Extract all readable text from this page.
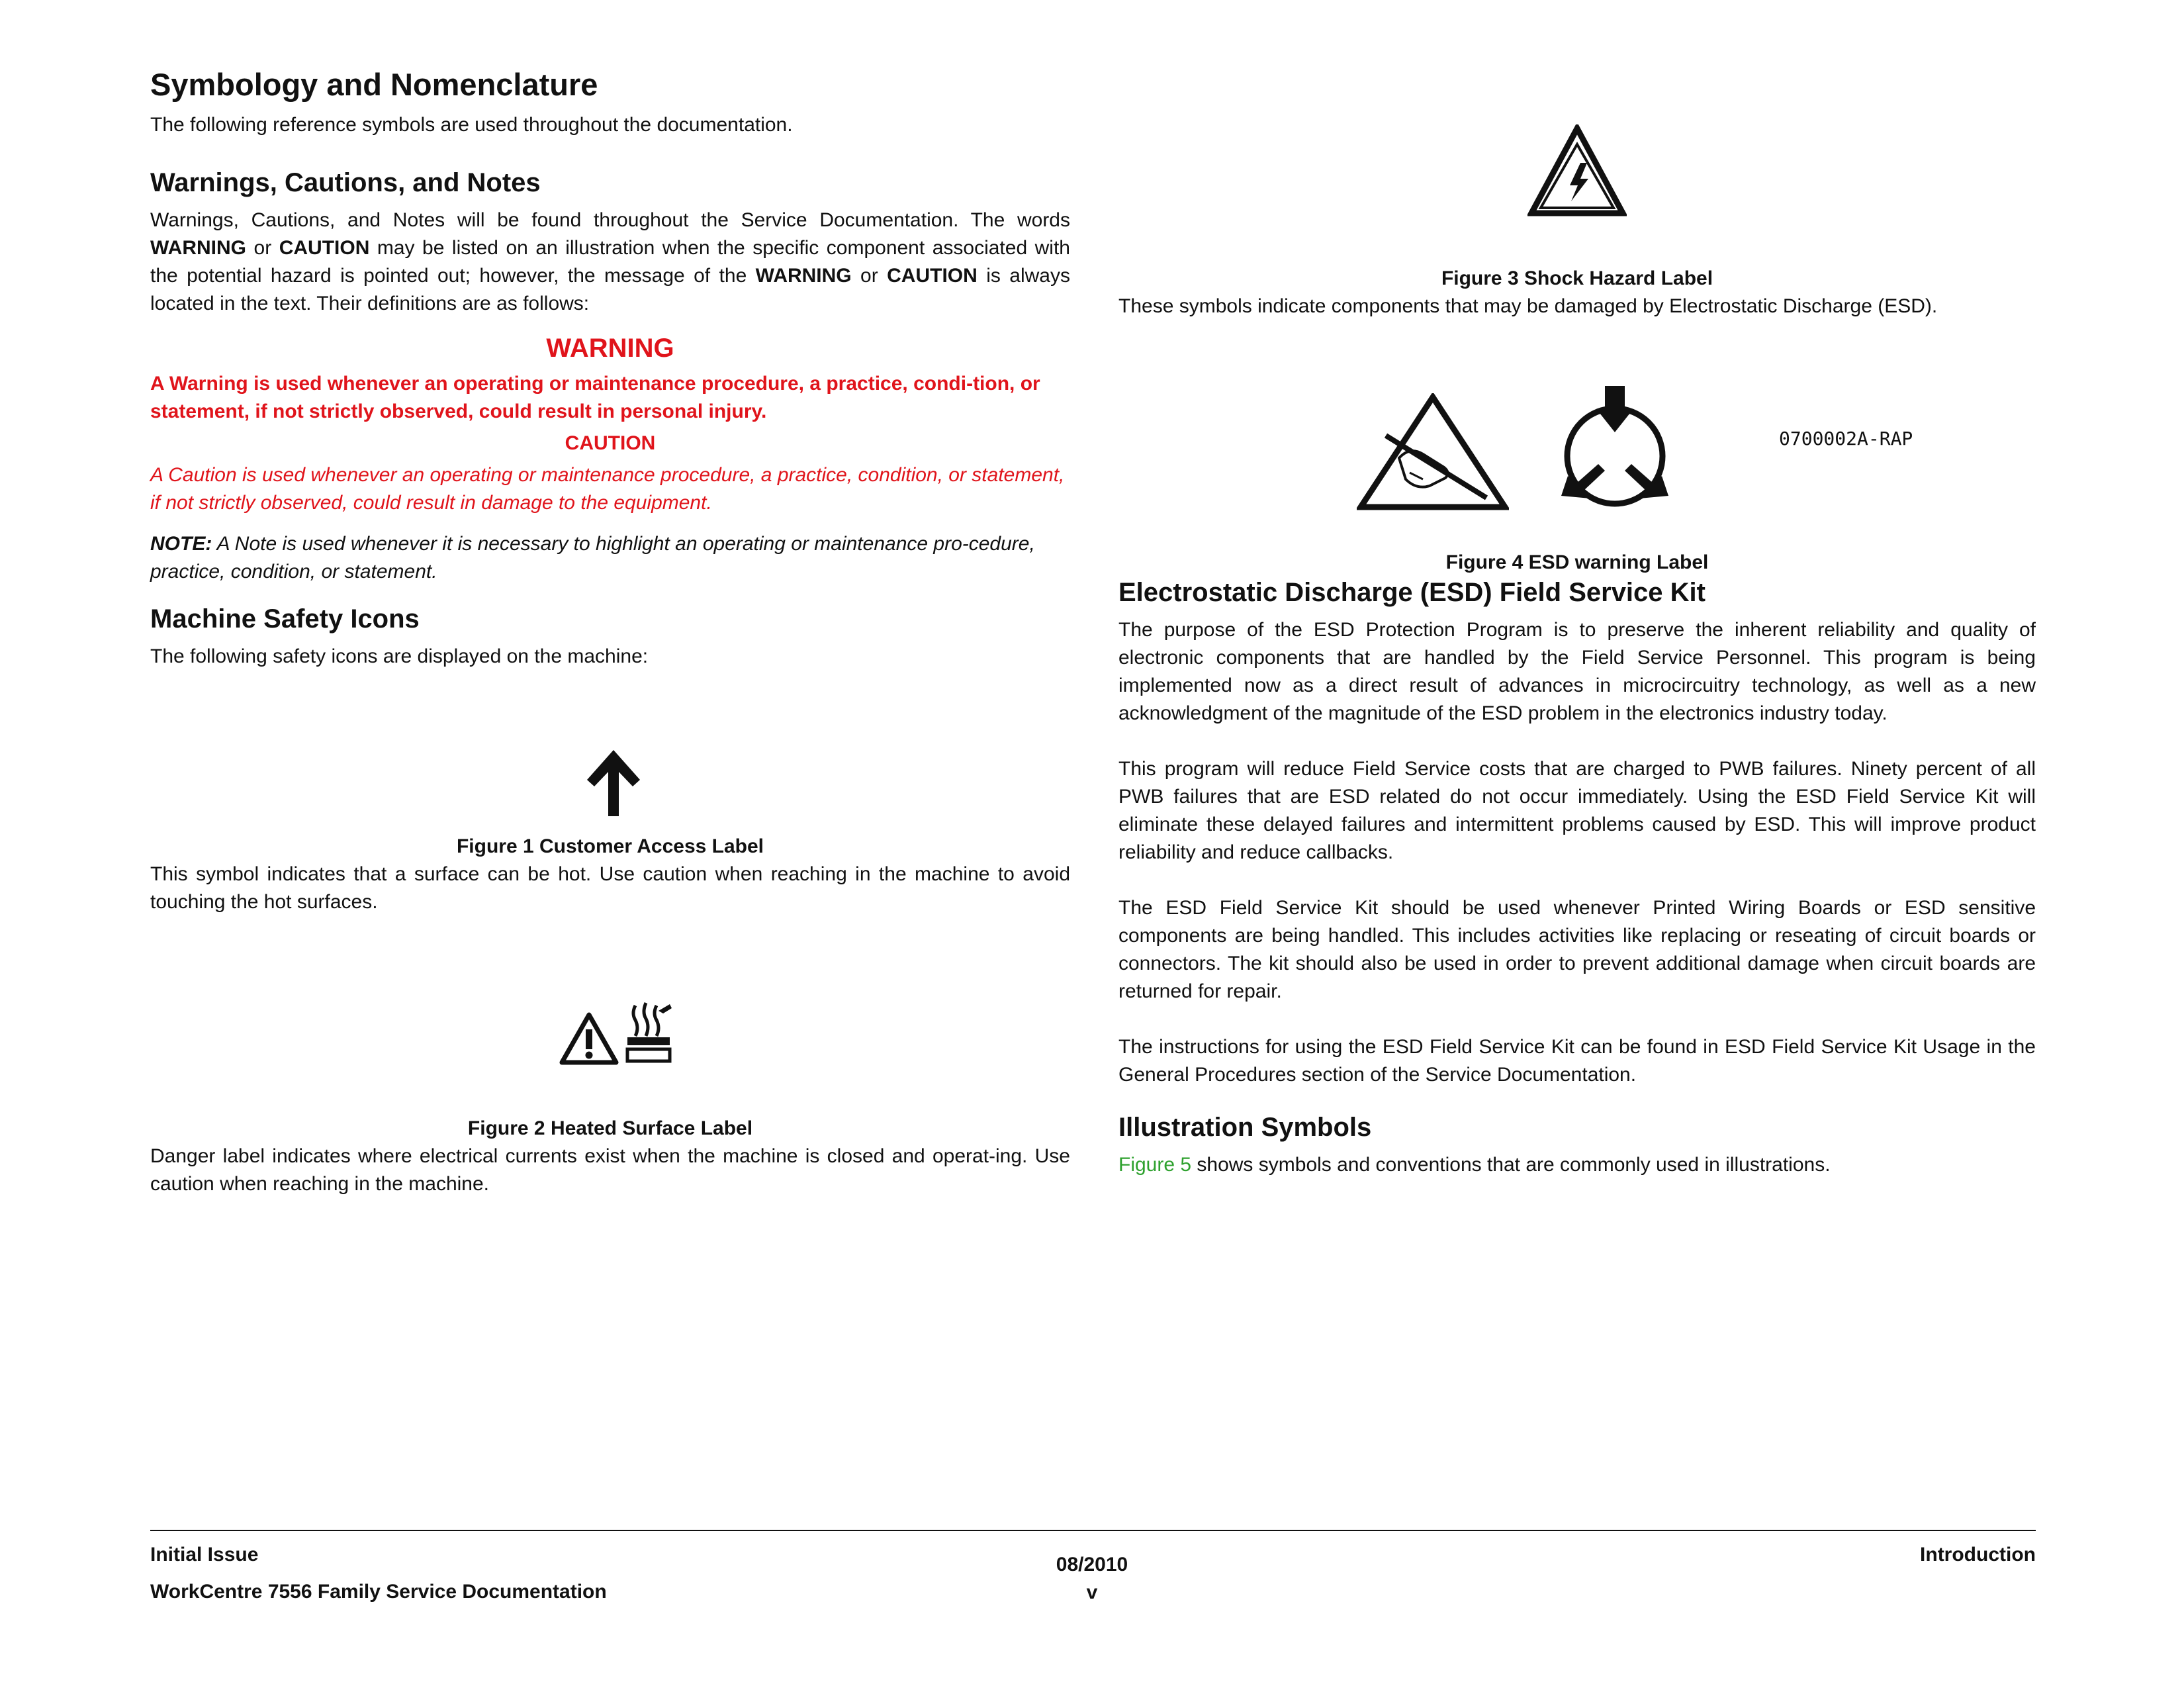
Symbology and Nomenclature

The following reference symbols are used throughout the documentation.

Warnings, Cautions, and Notes

Warnings, Cautions, and Notes will be found throughout the Service Documentation. The words WARNING or CAUTION may be listed on an illustration when the specific component associated with the potential hazard is pointed out; however, the message of the WARNING or CAUTION is always located in the text. Their definitions are as follows:

WARNING

A Warning is used whenever an operating or maintenance procedure, a practice, condi-tion, or statement, if not strictly observed, could result in personal injury.

CAUTION

A Caution is used whenever an operating or maintenance procedure, a practice, condition, or statement, if not strictly observed, could result in damage to the equipment.

NOTE: A Note is used whenever it is necessary to highlight an operating or maintenance pro-cedure, practice, condition, or statement.

Machine Safety Icons

The following safety icons are displayed on the machine:

Figure 1 Customer Access Label

This symbol indicates that a surface can be hot. Use caution when reaching in the machine to avoid touching the hot surfaces.

Figure 2 Heated Surface Label

Danger label indicates where electrical currents exist when the machine is closed and operat-ing. Use caution when reaching in the machine.

Figure 3 Shock Hazard Label

These symbols indicate components that may be damaged by Electrostatic Discharge (ESD).

0700002A-RAP

Figure 4 ESD warning Label

Electrostatic Discharge (ESD) Field Service Kit

The purpose of the ESD Protection Program is to preserve the inherent reliability and quality of electronic components that are handled by the Field Service Personnel. This program is being implemented now as a direct result of advances in microcircuitry technology, as well as a new acknowledgment of the magnitude of the ESD problem in the electronics industry today.

This program will reduce Field Service costs that are charged to PWB failures. Ninety percent of all PWB failures that are ESD related do not occur immediately. Using the ESD Field Service Kit will eliminate these delayed failures and intermittent problems caused by ESD. This will improve product reliability and reduce callbacks.

The ESD Field Service Kit should be used whenever Printed Wiring Boards or ESD sensitive components are being handled. This includes activities like replacing or reseating of circuit boards or connectors. The kit should also be used in order to prevent additional damage when circuit boards are returned for repair.

The instructions for using the ESD Field Service Kit can be found in ESD Field Service Kit Usage in the General Procedures section of the Service Documentation.

Illustration Symbols

Figure 5 shows symbols and conventions that are commonly used in illustrations.

Initial Issue
WorkCentre 7556 Family Service Documentation
08/2010
v
Introduction
